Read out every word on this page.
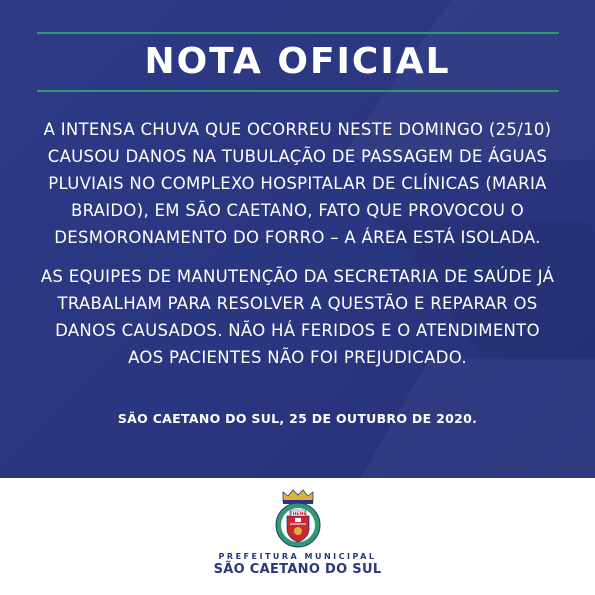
NOTA OFICIAL
A INTENSA CHUVA QUE OCORREU NESTE DOMINGO (25/10) CAUSOU DANOS NA TUBULAÇÃO DE PASSAGEM DE ÁGUAS PLUVIAIS NO COMPLEXO HOSPITALAR DE CLÍNICAS (MARIA BRAIDO), EM SÃO CAETANO, FATO QUE PROVOCOU O DESMORONAMENTO DO FORRO – A ÁREA ESTÁ ISOLADA.
AS EQUIPES DE MANUTENÇÃO DA SECRETARIA DE SAÚDE JÁ TRABALHAM PARA RESOLVER A QUESTÃO E REPARAR OS DANOS CAUSADOS. NÃO HÁ FERIDOS E O ATENDIMENTO AOS PACIENTES NÃO FOI PREJUDICADO.
SÃO CAETANO DO SUL, 25 DE OUTUBRO DE 2020.
THENE
PREFEITURA MUNICIPAL
SÃO CAETANO DO SUL
